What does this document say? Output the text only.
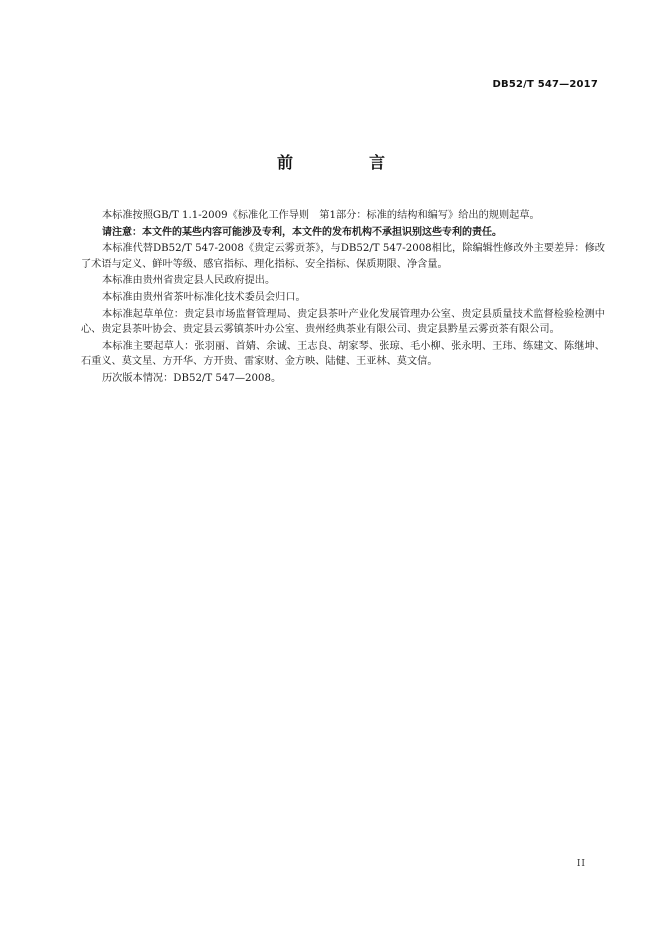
DB52/T 547—2017
前　言

本标准按照GB/T 1.1-2009《标准化工作导则　第1部分：标准的结构和编写》给出的规则起草。

请注意：本文件的某些内容可能涉及专利，本文件的发布机构不承担识别这些专利的责任。

本标准代替DB52/T 547-2008《贵定云雾贡茶》，与DB52/T 547-2008相比，除编辑性修改外主要差异：修改了术语与定义、鲜叶等级、感官指标、理化指标、安全指标、保质期限、净含量。

本标准由贵州省贵定县人民政府提出。

本标准由贵州省茶叶标准化技术委员会归口。

本标准起草单位：贵定县市场监督管理局、贵定县茶叶产业化发展管理办公室、贵定县质量技术监督检验检测中心、贵定县茶叶协会、贵定县云雾镇茶叶办公室、贵州经典茶业有限公司、贵定县黔星云雾贡茶有限公司。

本标准主要起草人：张羽丽、首婧、余诚、王志良、胡家琴、张琼、毛小柳、张永明、王玮、练建文、陈继坤、石重义、莫文星、方开华、方开贵、雷家财、金方映、陆健、王亚林、莫文信。

历次版本情况：DB52/T 547—2008。

II
